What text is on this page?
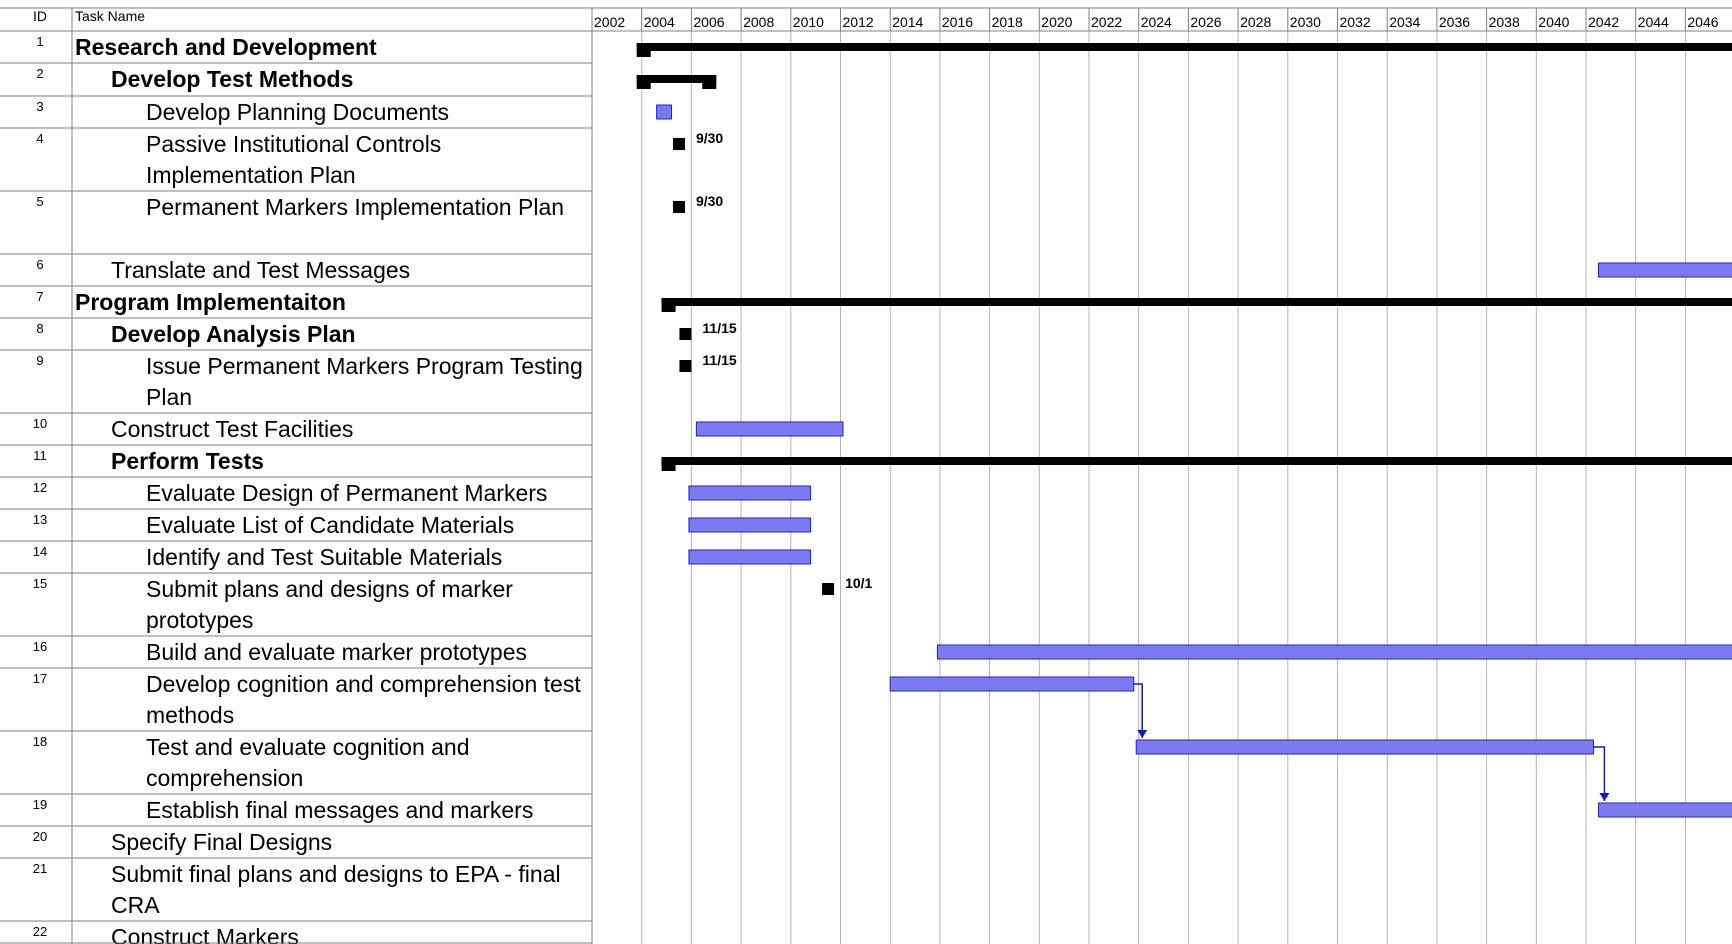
ID Task Name
1 Research and Development
2	Develop Test Methods
3	Develop Planning Documents
4	Passive Institutional Controls Implementation Plan
5	Permanent Markers Implementation Plan
6	Translate and Test Messages
7 Program Implementaiton
8	Develop Analysis Plan
9	Issue Permanent Markers Program Testing Plan
10	Construct Test Facilities
11	Perform Tests
12	Evaluate Design of Permanent Markers
13	Evaluate List of Candidate Materials
14	Identify and Test Suitable Materials
15	Submit plans and designs of marker prototypes
16	Build and evaluate marker prototypes
17	Develop cognition and comprehension test methods
18	Test and evaluate cognition and comprehension
19	Establish final messages and markers
20	Specify Final Designs
21	Submit final plans and designs to EPA - final CRA
22	Construct Markers
2002 2004 2006 2008 2010 2012 2014 2016 2018 2020 2022 2024 2026 2028 2030 2032 2034 2036 2038 2040 2042 2044 2046
9/30
9/30
11/15
11/15
10/1
